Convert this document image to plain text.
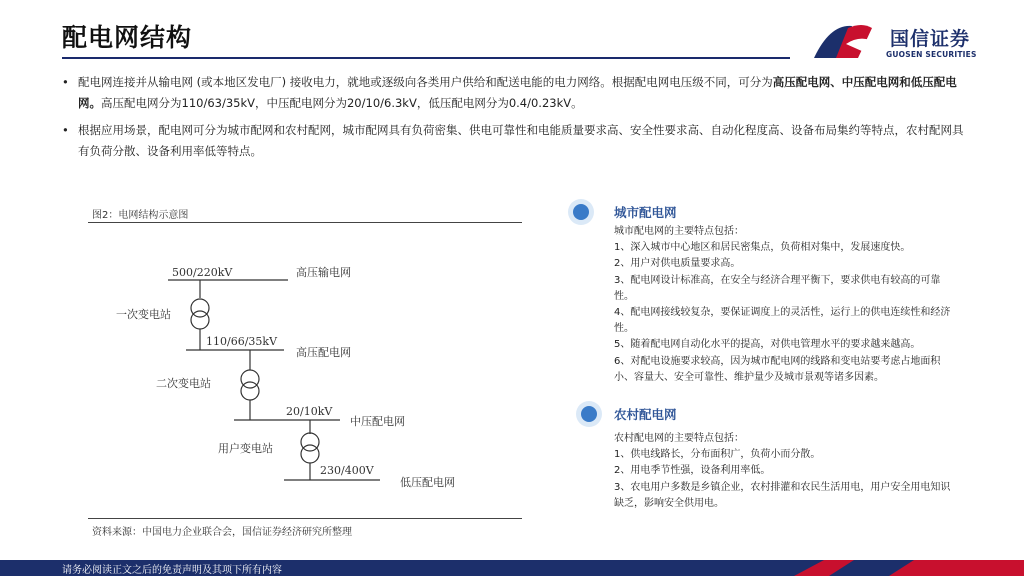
配电网结构	国信证券
GUOSEN SECURITIES
• 配电网连接并从输电网 (或本地区发电厂) 接收电力，就地或逐级向各类用户供给和配送电能的电力网络。根据配电网电压级不同，可分为高压配电网、中压配电网和低压配电网。高压配电网分为110/63/35kV，中压配电网分为20/10/6.3kV，低压配电网分为0.4/0.23kV。
• 根据应用场景，配电网可分为城市配网和农村配网，城市配网具有负荷密集、供电可靠性和电能质量要求高、安全性要求高、自动化程度高、设备布局集约等特点，农村配网具有负荷分散、设备利用率低等特点。
图2：电网结构示意图
500/220kV	高压输电网
一次变电站
110/66/35kV
高压配电网
二次变电站
20/10kV
中压配电网
用户变电站
230/400V
低压配电网
资料来源：中国电力企业联合会，国信证券经济研究所整理
城市配电网

城市配电网的主要特点包括：

1、深入城市中心地区和居民密集点，负荷相对集中，发展速度快。

2、用户对供电质量要求高。

3、配电网设计标准高，在安全与经济合理平衡下，要求供电有较高的可靠性。

4、配电网接线较复杂，要保证调度上的灵活性，运行上的供电连续性和经济性。

5、随着配电网自动化水平的提高，对供电管理水平的要求越来越高。

6、对配电设施要求较高，因为城市配电网的线路和变电站要考虑占地面积小、容量大、安全可靠性、维护量少及城市景观等诸多因素。

农村配电网

农村配电网的主要特点包括：

1、供电线路长，分布面积广，负荷小而分散。

2、用电季节性强，设备利用率低。

3、农电用户多数是乡镇企业，农村排灌和农民生活用电，用户安全用电知识缺乏，影响安全供用电。

请务必阅读正文之后的免责声明及其项下所有内容
